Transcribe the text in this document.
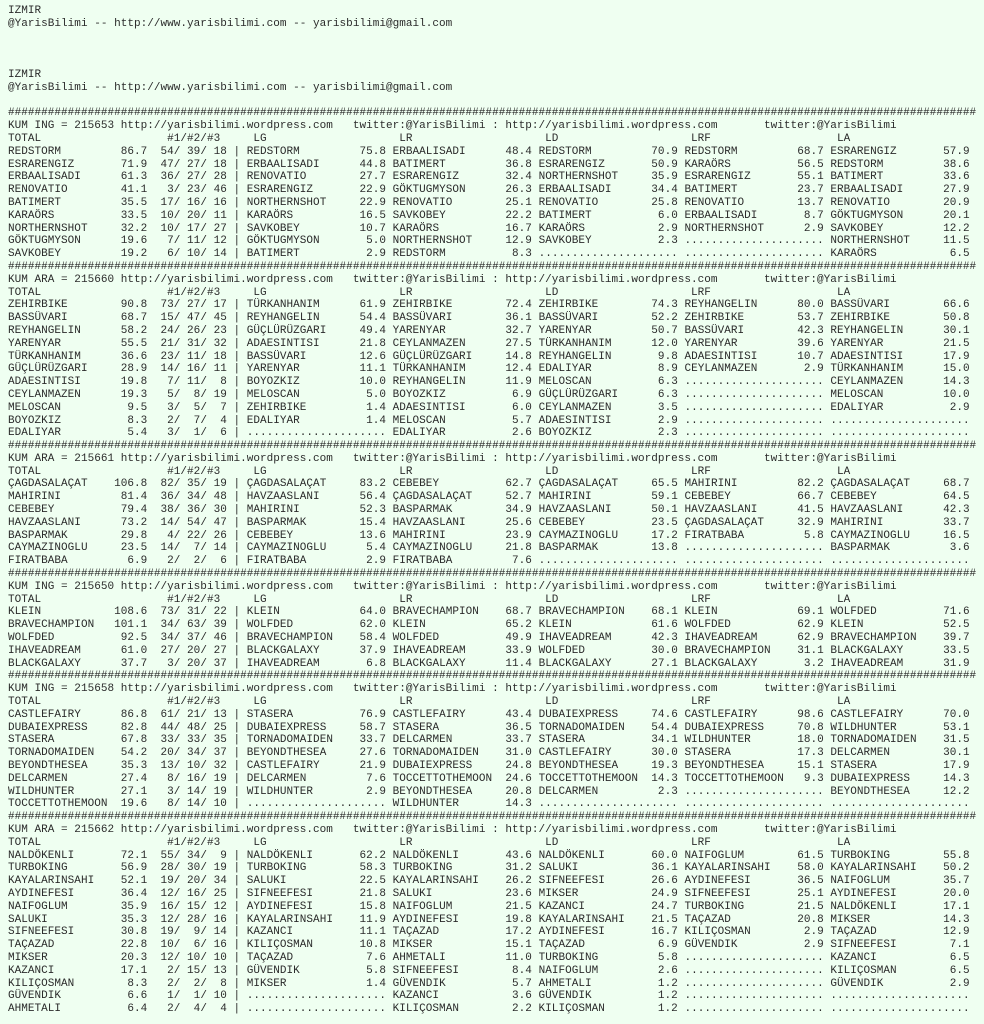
IZMIR
@YarisBilimi -- http://www.yarisbilimi.com -- yarisbilimi@gmail.com

IZMIR
@YarisBilimi -- http://www.yarisbilimi.com -- yarisbilimi@gmail.com

##################################################################################################################################################
KUM ING = 215653 http://yarisbilimi.wordpress.com   twitter:@YarisBilimi : http://yarisbilimi.wordpress.com       twitter:@YarisBilimi
TOTAL                   #1/#2/#3     LG                    LR                    LD                    LRF                   LA
REDSTORM         86.7  54/ 39/ 18 | REDSTORM         75.8 ERBAALISADI      48.4 REDSTORM         70.9 REDSTORM         68.7 ESRARENGIZ       57.9
ESRARENGIZ       71.9  47/ 27/ 18 | ERBAALISADI      44.8 BATIMERT         36.8 ESRARENGIZ       50.9 KARAÖRS          56.5 REDSTORM         38.6
ERBAALISADI      61.3  36/ 27/ 28 | RENOVATIO        27.7 ESRARENGIZ       32.4 NORTHERNSHOT     35.9 ESRARENGIZ       55.1 BATIMERT         33.6
RENOVATIO        41.1   3/ 23/ 46 | ESRARENGIZ       22.9 GÖKTUGMYSON      26.3 ERBAALISADI      34.4 BATIMERT         23.7 ERBAALISADI      27.9
BATIMERT         35.5  17/ 16/ 16 | NORTHERNSHOT     22.9 RENOVATIO        25.1 RENOVATIO        25.8 RENOVATIO        13.7 RENOVATIO        20.9
KARAÖRS          33.5  10/ 20/ 11 | KARAÖRS          16.5 SAVKOBEY         22.2 BATIMERT          6.0 ERBAALISADI       8.7 GÖKTUGMYSON      20.1
NORTHERNSHOT     32.2  10/ 17/ 27 | SAVKOBEY         10.7 KARAÖRS          16.7 KARAÖRS           2.9 NORTHERNSHOT      2.9 SAVKOBEY         12.2
GÖKTUGMYSON      19.6   7/ 11/ 12 | GÖKTUGMYSON       5.0 NORTHERNSHOT     12.9 SAVKOBEY          2.3 ..................... NORTHERNSHOT     11.5
SAVKOBEY         19.2   6/ 10/ 14 | BATIMERT          2.9 REDSTORM          8.3 ..................... ..................... KARAÖRS           6.5
##################################################################################################################################################
KUM ARA = 215660 http://yarisbilimi.wordpress.com   twitter:@YarisBilimi : http://yarisbilimi.wordpress.com       twitter:@YarisBilimi
TOTAL                   #1/#2/#3     LG                    LR                    LD                    LRF                   LA
ZEHIRBIKE        90.8  73/ 27/ 17 | TÜRKANHANIM      61.9 ZEHIRBIKE        72.4 ZEHIRBIKE        74.3 REYHANGELIN      80.0 BASSÜVARI        66.6
BASSÜVARI        68.7  15/ 47/ 45 | REYHANGELIN      54.4 BASSÜVARI        36.1 BASSÜVARI        52.2 ZEHIRBIKE        53.7 ZEHIRBIKE        50.8
REYHANGELIN      58.2  24/ 26/ 23 | GÜÇLÜRÜZGARI     49.4 YARENYAR         32.7 YARENYAR         50.7 BASSÜVARI        42.3 REYHANGELIN      30.1
YARENYAR         55.5  21/ 31/ 32 | ADAESINTISI      21.8 CEYLANMAZEN      27.5 TÜRKANHANIM      12.0 YARENYAR         39.6 YARENYAR         21.5
TÜRKANHANIM      36.6  23/ 11/ 18 | BASSÜVARI        12.6 GÜÇLÜRÜZGARI     14.8 REYHANGELIN       9.8 ADAESINTISI      10.7 ADAESINTISI      17.9
GÜÇLÜRÜZGARI     28.9  14/ 16/ 11 | YARENYAR         11.1 TÜRKANHANIM      12.4 EDALIYAR          8.9 CEYLANMAZEN       2.9 TÜRKANHANIM      15.0
ADAESINTISI      19.8   7/ 11/  8 | BOYOZKIZ         10.0 REYHANGELIN      11.9 MELOSCAN          6.3 ..................... CEYLANMAZEN      14.3
CEYLANMAZEN      19.3   5/  8/ 19 | MELOSCAN          5.0 BOYOZKIZ          6.9 GÜÇLÜRÜZGARI      6.3 ..................... MELOSCAN         10.0
MELOSCAN          9.5   3/  5/  7 | ZEHIRBIKE         1.4 ADAESINTISI       6.0 CEYLANMAZEN       3.5 ..................... EDALIYAR          2.9
BOYOZKIZ          8.3   2/  7/  4 | EDALIYAR          1.4 MELOSCAN          5.7 ADAESINTISI       2.9 ..................... .....................
EDALIYAR          5.4   3/  1/  6 | ..................... EDALIYAR          2.6 BOYOZKIZ          2.3 ..................... .....................
##################################################################################################################################################
KUM ARA = 215661 http://yarisbilimi.wordpress.com   twitter:@YarisBilimi : http://yarisbilimi.wordpress.com       twitter:@YarisBilimi
TOTAL                   #1/#2/#3     LG                    LR                    LD                    LRF                   LA
ÇAGDASALAÇAT    106.8  82/ 35/ 19 | ÇAGDASALAÇAT     83.2 CEBEBEY          62.7 ÇAGDASALAÇAT     65.5 MAHIRINI         82.2 ÇAGDASALAÇAT     68.7
MAHIRINI         81.4  36/ 34/ 48 | HAVZAASLANI      56.4 ÇAGDASALAÇAT     52.7 MAHIRINI         59.1 CEBEBEY          66.7 CEBEBEY          64.5
CEBEBEY          79.4  38/ 36/ 30 | MAHIRINI         52.3 BASPARMAK        34.9 HAVZAASLANI      50.1 HAVZAASLANI      41.5 HAVZAASLANI      42.3
HAVZAASLANI      73.2  14/ 54/ 47 | BASPARMAK        15.4 HAVZAASLANI      25.6 CEBEBEY          23.5 ÇAGDASALAÇAT     32.9 MAHIRINI         33.7
BASPARMAK        29.8   4/ 22/ 26 | CEBEBEY          13.6 MAHIRINI         23.9 CAYMAZINOGLU     17.2 FIRATBABA         5.8 CAYMAZINOGLU     16.5
CAYMAZINOGLU     23.5  14/  7/ 14 | CAYMAZINOGLU      5.4 CAYMAZINOGLU     21.8 BASPARMAK        13.8 ..................... BASPARMAK         3.6
FIRATBABA         6.9   2/  2/  6 | FIRATBABA         2.9 FIRATBABA         7.6 ..................... ..................... .....................
##################################################################################################################################################
KUM ING = 215650 http://yarisbilimi.wordpress.com   twitter:@YarisBilimi : http://yarisbilimi.wordpress.com       twitter:@YarisBilimi
TOTAL                   #1/#2/#3     LG                    LR                    LD                    LRF                   LA
KLEIN           108.6  73/ 31/ 22 | KLEIN            64.0 BRAVECHAMPION    68.7 BRAVECHAMPION    68.1 KLEIN            69.1 WOLFDED          71.6
BRAVECHAMPION   101.1  34/ 63/ 39 | WOLFDED          62.0 KLEIN            65.2 KLEIN            61.6 WOLFDED          62.9 KLEIN            52.5
WOLFDED          92.5  34/ 37/ 46 | BRAVECHAMPION    58.4 WOLFDED          49.9 IHAVEADREAM      42.3 IHAVEADREAM      62.9 BRAVECHAMPION    39.7
IHAVEADREAM      61.0  27/ 20/ 27 | BLACKGALAXY      37.9 IHAVEADREAM      33.9 WOLFDED          30.0 BRAVECHAMPION    31.1 BLACKGALAXY      33.5
BLACKGALAXY      37.7   3/ 20/ 37 | IHAVEADREAM       6.8 BLACKGALAXY      11.4 BLACKGALAXY      27.1 BLACKGALAXY       3.2 IHAVEADREAM      31.9
##################################################################################################################################################
KUM ING = 215658 http://yarisbilimi.wordpress.com   twitter:@YarisBilimi : http://yarisbilimi.wordpress.com       twitter:@YarisBilimi
TOTAL                   #1/#2/#3     LG                    LR                    LD                    LRF                   LA
CASTLEFAIRY      86.8  61/ 21/ 13 | STASERA          76.9 CASTLEFAIRY      43.4 DUBAIEXPRESS     74.6 CASTLEFAIRY      98.6 CASTLEFAIRY      70.0
DUBAIEXPRESS     82.8  44/ 48/ 25 | DUBAIEXPRESS     58.7 STASERA          36.5 TORNADOMAIDEN    54.4 DUBAIEXPRESS     70.8 WILDHUNTER       53.1
STASERA          67.8  33/ 33/ 35 | TORNADOMAIDEN    33.7 DELCARMEN        33.7 STASERA          34.1 WILDHUNTER       18.0 TORNADOMAIDEN    31.5
TORNADOMAIDEN    54.2  20/ 34/ 37 | BEYONDTHESEA     27.6 TORNADOMAIDEN    31.0 CASTLEFAIRY      30.0 STASERA          17.3 DELCARMEN        30.1
BEYONDTHESEA     35.3  13/ 10/ 32 | CASTLEFAIRY      21.9 DUBAIEXPRESS     24.8 BEYONDTHESEA     19.3 BEYONDTHESEA     15.1 STASERA          17.9
DELCARMEN        27.4   8/ 16/ 19 | DELCARMEN         7.6 TOCCETTOTHEMOON  24.6 TOCCETTOTHEMOON  14.3 TOCCETTOTHEMOON   9.3 DUBAIEXPRESS     14.3
WILDHUNTER       27.1   3/ 14/ 19 | WILDHUNTER        2.9 BEYONDTHESEA     20.8 DELCARMEN         2.3 ..................... BEYONDTHESEA     12.2
TOCCETTOTHEMOON  19.6   8/ 14/ 10 | ..................... WILDHUNTER       14.3 ..................... ..................... .....................
##################################################################################################################################################
KUM ARA = 215662 http://yarisbilimi.wordpress.com   twitter:@YarisBilimi : http://yarisbilimi.wordpress.com       twitter:@YarisBilimi
TOTAL                   #1/#2/#3     LG                    LR                    LD                    LRF                   LA
NALDÖKENLI       72.1  55/ 34/  9 | NALDÖKENLI       62.2 NALDÖKENLI       43.6 NALDÖKENLI       60.0 NAIFOGLUM        61.5 TURBOKING        55.8
TURBOKING        56.9  28/ 30/ 19 | TURBOKING        58.3 TURBOKING        31.2 SALUKI           36.1 KAYALARINSAHI    58.0 KAYALARINSAHI    50.2
KAYALARINSAHI    52.1  19/ 20/ 34 | SALUKI           22.5 KAYALARINSAHI    26.2 SIFNEEFESI       26.6 AYDINEFESI       36.5 NAIFOGLUM        35.7
AYDINEFESI       36.4  12/ 16/ 25 | SIFNEEFESI       21.8 SALUKI           23.6 MIKSER           24.9 SIFNEEFESI       25.1 AYDINEFESI       20.0
NAIFOGLUM        35.9  16/ 15/ 12 | AYDINEFESI       15.8 NAIFOGLUM        21.5 KAZANCI          24.7 TURBOKING        21.5 NALDÖKENLI       17.1
SALUKI           35.3  12/ 28/ 16 | KAYALARINSAHI    11.9 AYDINEFESI       19.8 KAYALARINSAHI    21.5 TAÇAZAD          20.8 MIKSER           14.3
SIFNEEFESI       30.8  19/  9/ 14 | KAZANCI          11.1 TAÇAZAD          17.2 AYDINEFESI       16.7 KILIÇOSMAN        2.9 TAÇAZAD          12.9
TAÇAZAD          22.8  10/  6/ 16 | KILIÇOSMAN       10.8 MIKSER           15.1 TAÇAZAD           6.9 GÜVENDIK          2.9 SIFNEEFESI        7.1
MIKSER           20.3  12/ 10/ 10 | TAÇAZAD           7.6 AHMETALI         11.0 TURBOKING         5.8 ..................... KAZANCI           6.5
KAZANCI          17.1   2/ 15/ 13 | GÜVENDIK          5.8 SIFNEEFESI        8.4 NAIFOGLUM         2.6 ..................... KILIÇOSMAN        6.5
KILIÇOSMAN        8.3   2/  2/  8 | MIKSER            1.4 GÜVENDIK          5.7 AHMETALI          1.2 ..................... GÜVENDIK          2.9
GÜVENDIK          6.6   1/  1/ 10 | ..................... KAZANCI           3.6 GÜVENDIK          1.2 ..................... .....................
AHMETALI          6.4   2/  4/  4 | ..................... KILIÇOSMAN        2.2 KILIÇOSMAN        1.2 ..................... .....................
